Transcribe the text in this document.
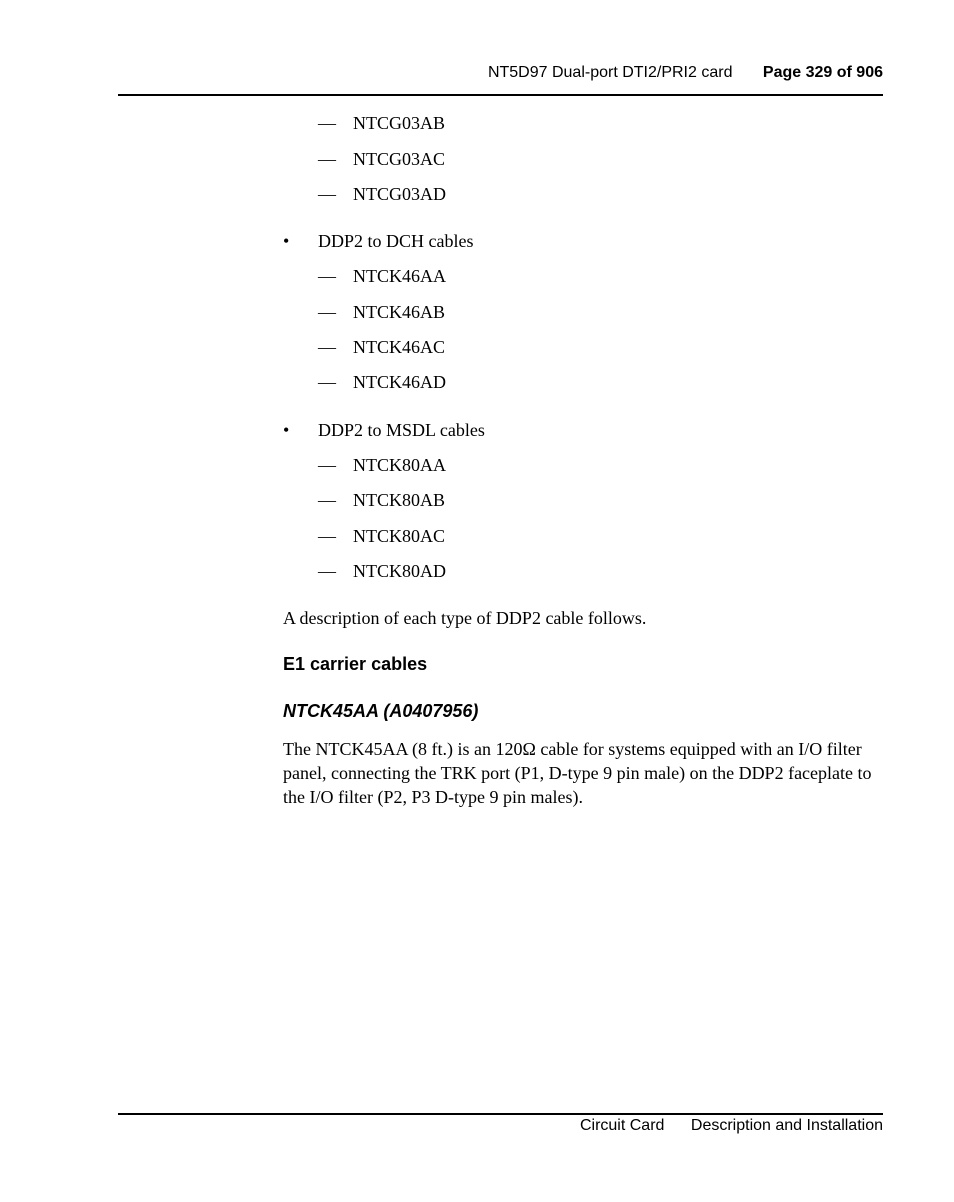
NT5D97 Dual-port DTI2/PRI2 card Page 329 of 906
— NTCG03AB
— NTCG03AC
— NTCG03AD
• DDP2 to DCH cables
— NTCK46AA
— NTCK46AB
— NTCK46AC
— NTCK46AD
• DDP2 to MSDL cables
— NTCK80AA
— NTCK80AB
— NTCK80AC
— NTCK80AD
A description of each type of DDP2 cable follows.
E1 carrier cables
NTCK45AA (A0407956)
The NTCK45AA (8 ft.) is an 120Ω cable for systems equipped with an I/O filter panel, connecting the TRK port (P1, D-type 9 pin male) on the DDP2 faceplate to the I/O filter (P2, P3 D-type 9 pin males).
Circuit Card Description and Installation
